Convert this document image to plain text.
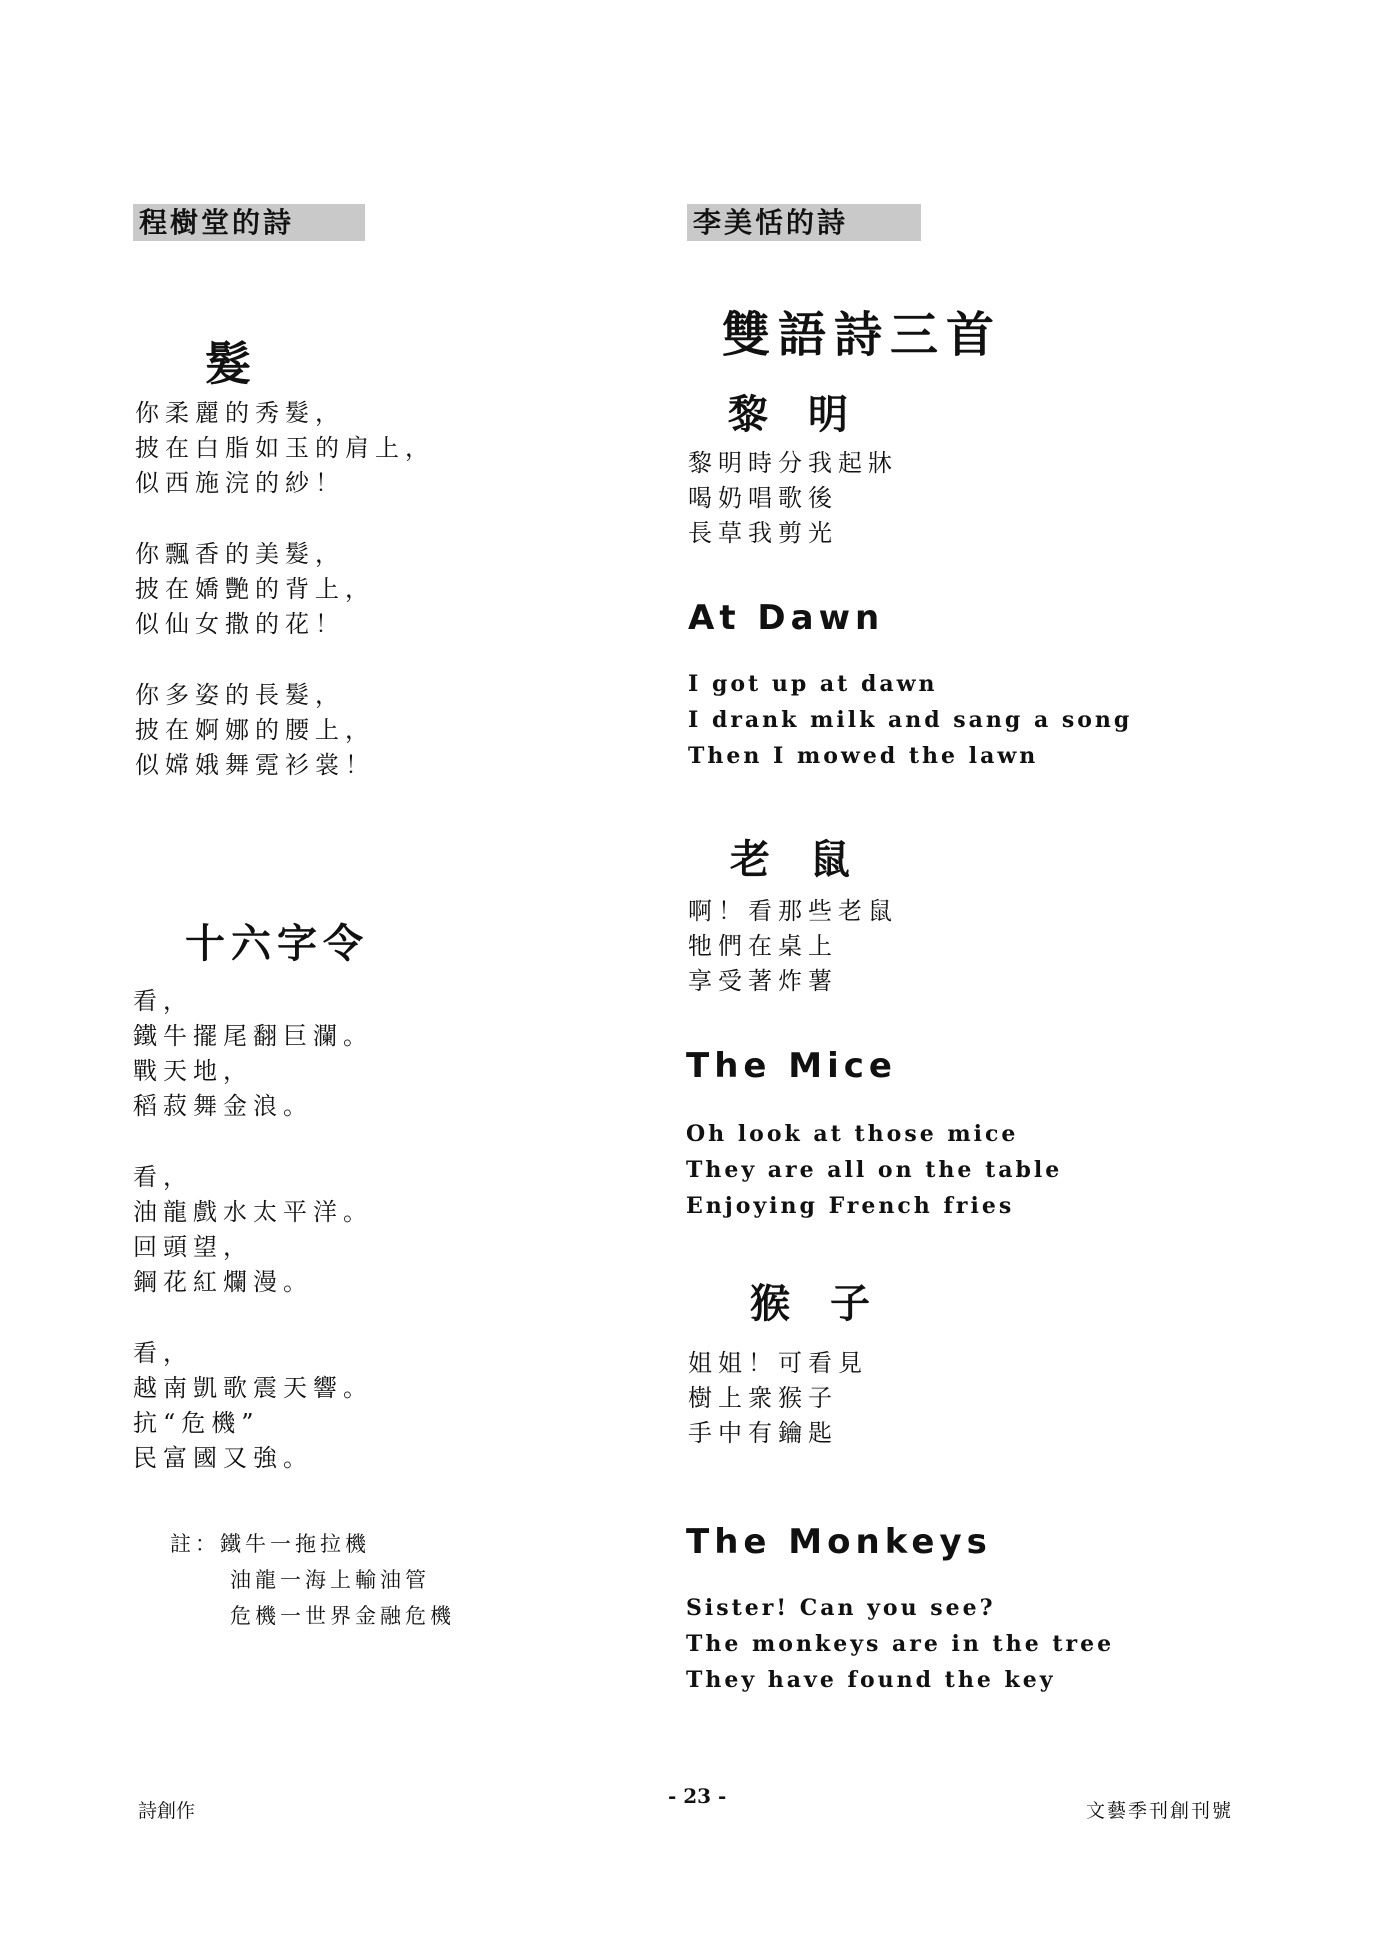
程樹堂的詩
髮
你柔麗的秀髮，
披在白脂如玉的肩上，
似西施浣的紗！
你飄香的美髮，
披在嬌艷的背上，
似仙女撒的花！
你多姿的長髮，
披在婀娜的腰上，
似嫦娥舞霓衫裳！
十六字令
看，
鐵牛擺尾翻巨瀾。
戰天地，
稻菽舞金浪。
看，
油龍戲水太平洋。
回頭望，
鋼花紅爛漫。
看，
越南凱歌震天響。
抗“危機”
民富國又強。
註：鐵牛一拖拉機
油龍一海上輸油管
危機一世界金融危機
李美恬的詩
雙語詩三首
黎　明
黎明時分我起牀
喝奶唱歌後
長草我剪光
At Dawn
I got up at dawn
I drank milk and sang a song
Then I mowed the lawn
老　鼠
啊！看那些老鼠
牠們在桌上
享受著炸薯
The Mice
Oh look at those mice
They are all on the table
Enjoying French fries
猴　子
姐姐！可看見
樹上衆猴子
手中有鑰匙
The Monkeys
Sister! Can you see?
The monkeys are in the tree
They have found the key
詩創作
- 23 -
文藝季刊創刊號
